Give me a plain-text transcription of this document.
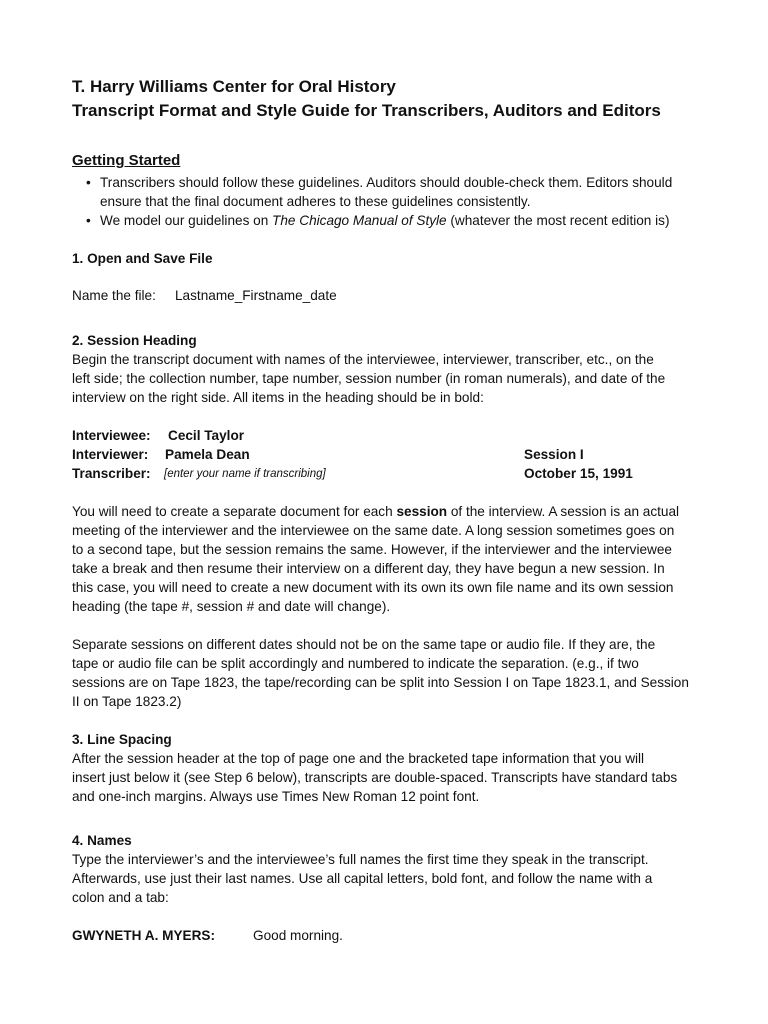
T. Harry Williams Center for Oral History
Transcript Format and Style Guide for Transcribers, Auditors and Editors
Getting Started
• Transcribers should follow these guidelines. Auditors should double-check them. Editors should
ensure that the final document adheres to these guidelines consistently.
• We model our guidelines on The Chicago Manual of Style (whatever the most recent edition is)
1. Open and Save File
Name the file: Lastname_Firstname_date
2. Session Heading
Begin the transcript document with names of the interviewee, interviewer, transcriber, etc., on the
left side; the collection number, tape number, session number (in roman numerals), and date of the
interview on the right side. All items in the heading should be in bold:
Interviewee: Cecil Taylor
Interviewer: Pamela Dean	Session I
Transcriber: [enter your name if transcribing]	October 15, 1991
You will need to create a separate document for each session of the interview. A session is an actual
meeting of the interviewer and the interviewee on the same date. A long session sometimes goes on
to a second tape, but the session remains the same. However, if the interviewer and the interviewee
take a break and then resume their interview on a different day, they have begun a new session. In
this case, you will need to create a new document with its own its own file name and its own session
heading (the tape #, session # and date will change).
Separate sessions on different dates should not be on the same tape or audio file. If they are, the
tape or audio file can be split accordingly and numbered to indicate the separation. (e.g., if two
sessions are on Tape 1823, the tape/recording can be split into Session I on Tape 1823.1, and Session
II on Tape 1823.2)
3. Line Spacing
After the session header at the top of page one and the bracketed tape information that you will
insert just below it (see Step 6 below), transcripts are double-spaced. Transcripts have standard tabs
and one-inch margins. Always use Times New Roman 12 point font.
4. Names
Type the interviewer’s and the interviewee’s full names the first time they speak in the transcript.
Afterwards, use just their last names. Use all capital letters, bold font, and follow the name with a
colon and a tab:
GWYNETH A. MYERS:	Good morning.
